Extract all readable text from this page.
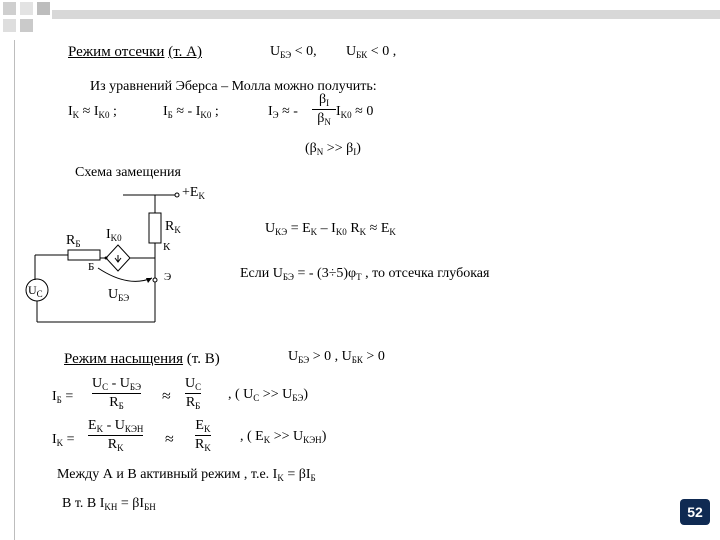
Режим отсечки (т. А)	$U_{БЭ} < 0$, $U_{БК} < 0$ ,
Из уравнений Эберса – Молла можно получить:
$I_K \approx I_{K0}$ ;	$I_Б$ ≈ - $I_{K0}$ ;	$I_Э$ ≈ -
$\beta_I$
$\beta_N$
$I_{K0} \approx 0$
$(\beta_N >> \beta_I)$
Схема замещения
$+E_K$
$R_Б$
$R_K$
$I_{K0}$
К
Б
Э
$U_C$	$U_{БЭ}$
$U_{КЭ} = E_K - I_{K0}$ $R_K \approx E_K$
Если $U_{БЭ}$ = - $(3\div 5)\varphi_T$ , то отсечка глубокая
Режим насыщения (т. В)	$U_{БЭ} > 0$ , $U_{БК} > 0$
$I_Б$ =
$U_C - U_{БЭ}$
$R_Б$
≈
$U_C$
$R_Б$
, ( $U_C >> U_{БЭ}$)
$I_K$ =
$E_K - U_{КЭН}$
$R_K$	≈
$E_K$
$R_K$
, ( $E_K >> U_{КЭН}$)
Между А и В активный режим , т.е. $I_K = \beta I_Б$
В т. В $I_{KH} = \beta I_{БН}$	52
